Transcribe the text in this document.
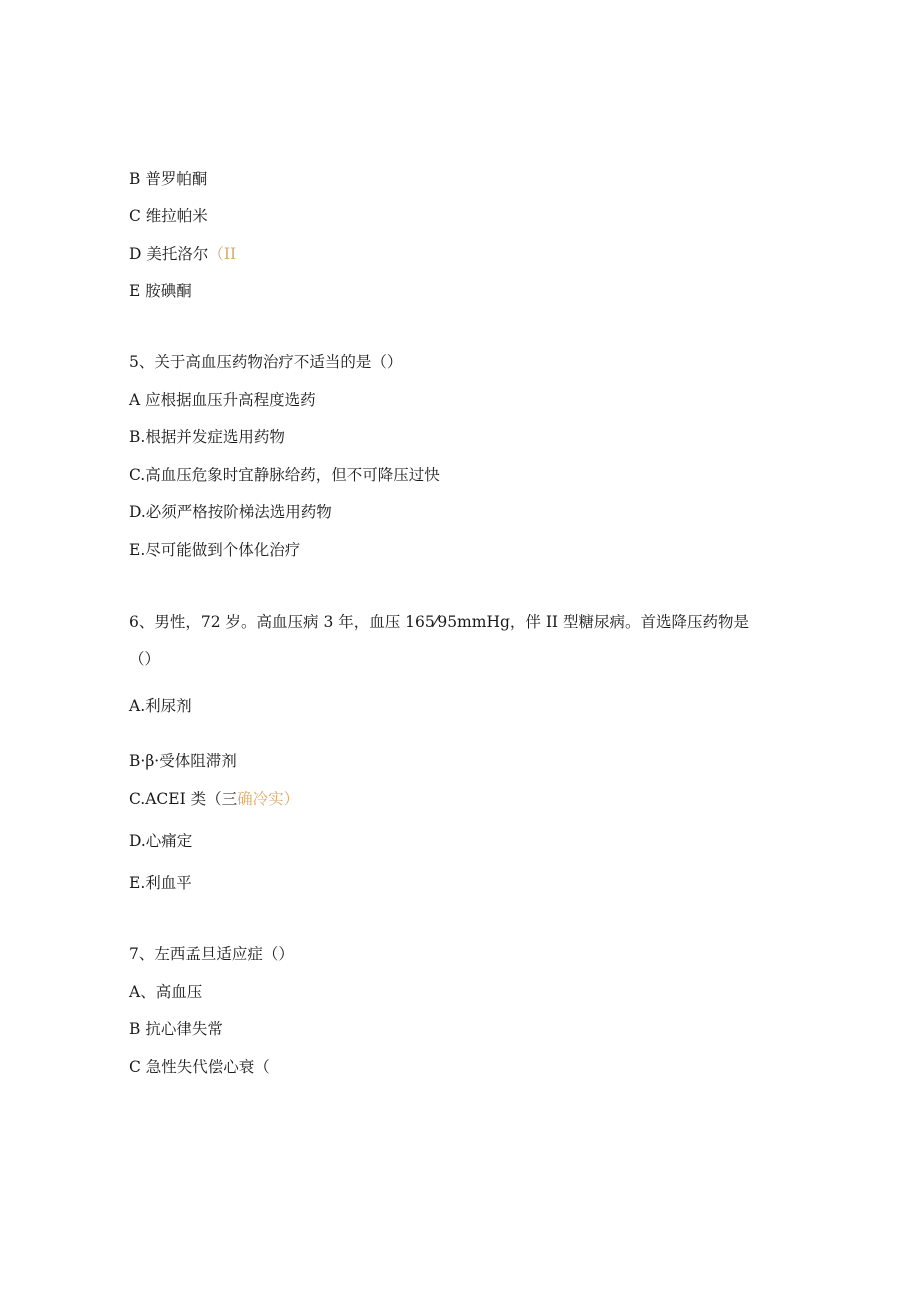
B 普罗帕酮
C 维拉帕米
D 美托洛尔（II
E 胺碘酮
5、关于高血压药物治疗不适当的是（）
A 应根据血压升高程度选药
B.根据并发症选用药物
C.高血压危象时宜静脉给药，但不可降压过快
D.必须严格按阶梯法选用药物
E.尽可能做到个体化治疗
6、男性，72 岁。高血压病 3 年，血压 165⁄95mmHg，伴 II 型糖尿病。首选降压药物是
（）
A.利尿剂
B·β·受体阻滞剂
C.ACEI 类（三确冷实）
D.心痛定
E.利血平
7、左西孟旦适应症（）
A、高血压
B 抗心律失常
C 急性失代偿心衰（
